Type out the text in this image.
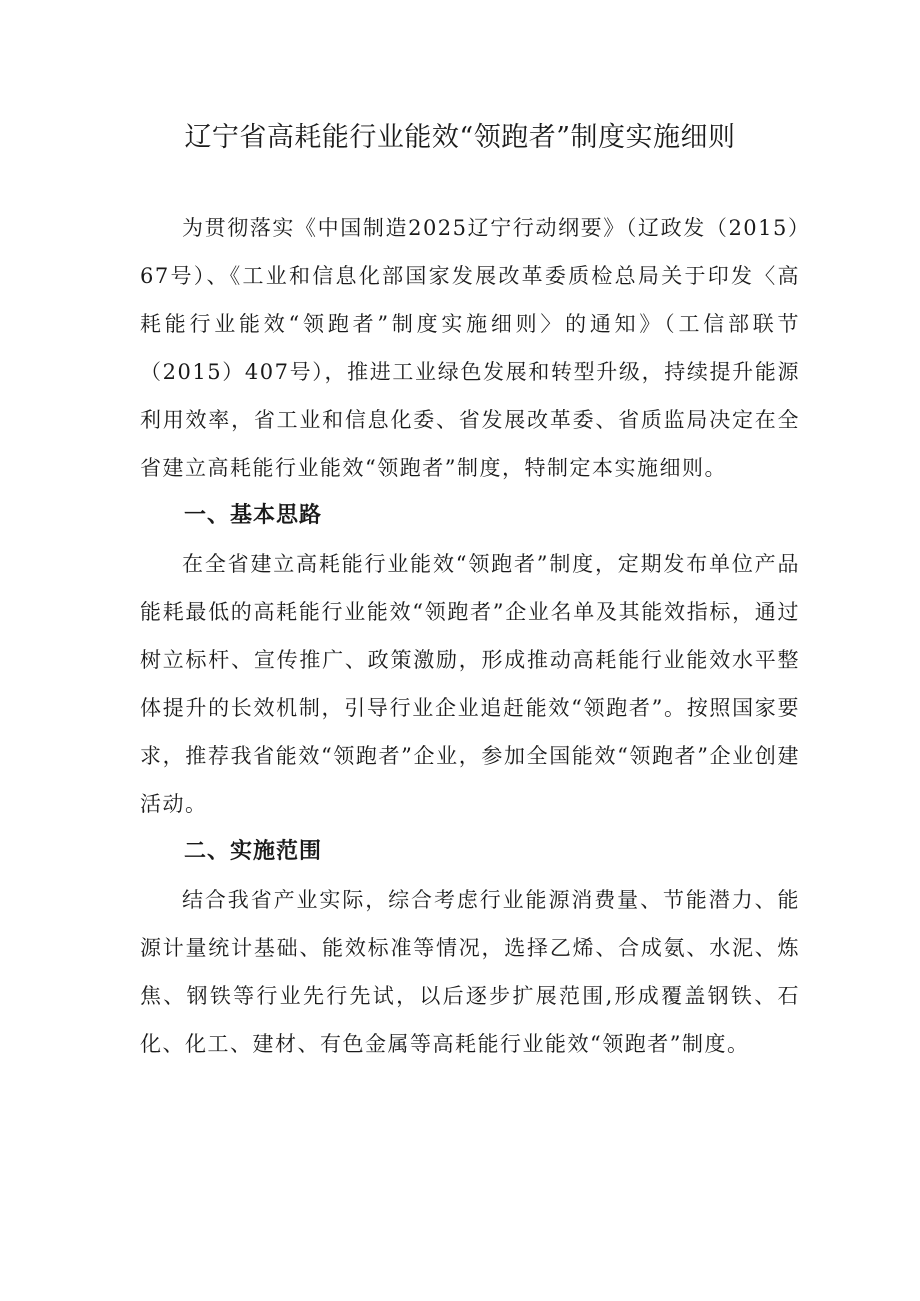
辽宁省高耗能行业能效“领跑者”制度实施细则

为贯彻落实《中国制造2025辽宁行动纲要》（辽政发（2015）67号）、《工业和信息化部国家发展改革委质检总局关于印发〈高耗能行业能效“领跑者”制度实施细则〉的通知》（工信部联节（2015）407号），推进工业绿色发展和转型升级，持续提升能源利用效率，省工业和信息化委、省发展改革委、省质监局决定在全省建立高耗能行业能效“领跑者”制度，特制定本实施细则。

一、基本思路

在全省建立高耗能行业能效“领跑者”制度，定期发布单位产品能耗最低的高耗能行业能效“领跑者”企业名单及其能效指标，通过树立标杆、宣传推广、政策激励，形成推动高耗能行业能效水平整体提升的长效机制，引导行业企业追赶能效“领跑者”。按照国家要求，推荐我省能效“领跑者”企业，参加全国能效“领跑者”企业创建活动。

二、实施范围

结合我省产业实际，综合考虑行业能源消费量、节能潜力、能源计量统计基础、能效标准等情况，选择乙烯、合成氨、水泥、炼焦、钢铁等行业先行先试，以后逐步扩展范围,形成覆盖钢铁、石化、化工、建材、有色金属等高耗能行业能效“领跑者”制度。
